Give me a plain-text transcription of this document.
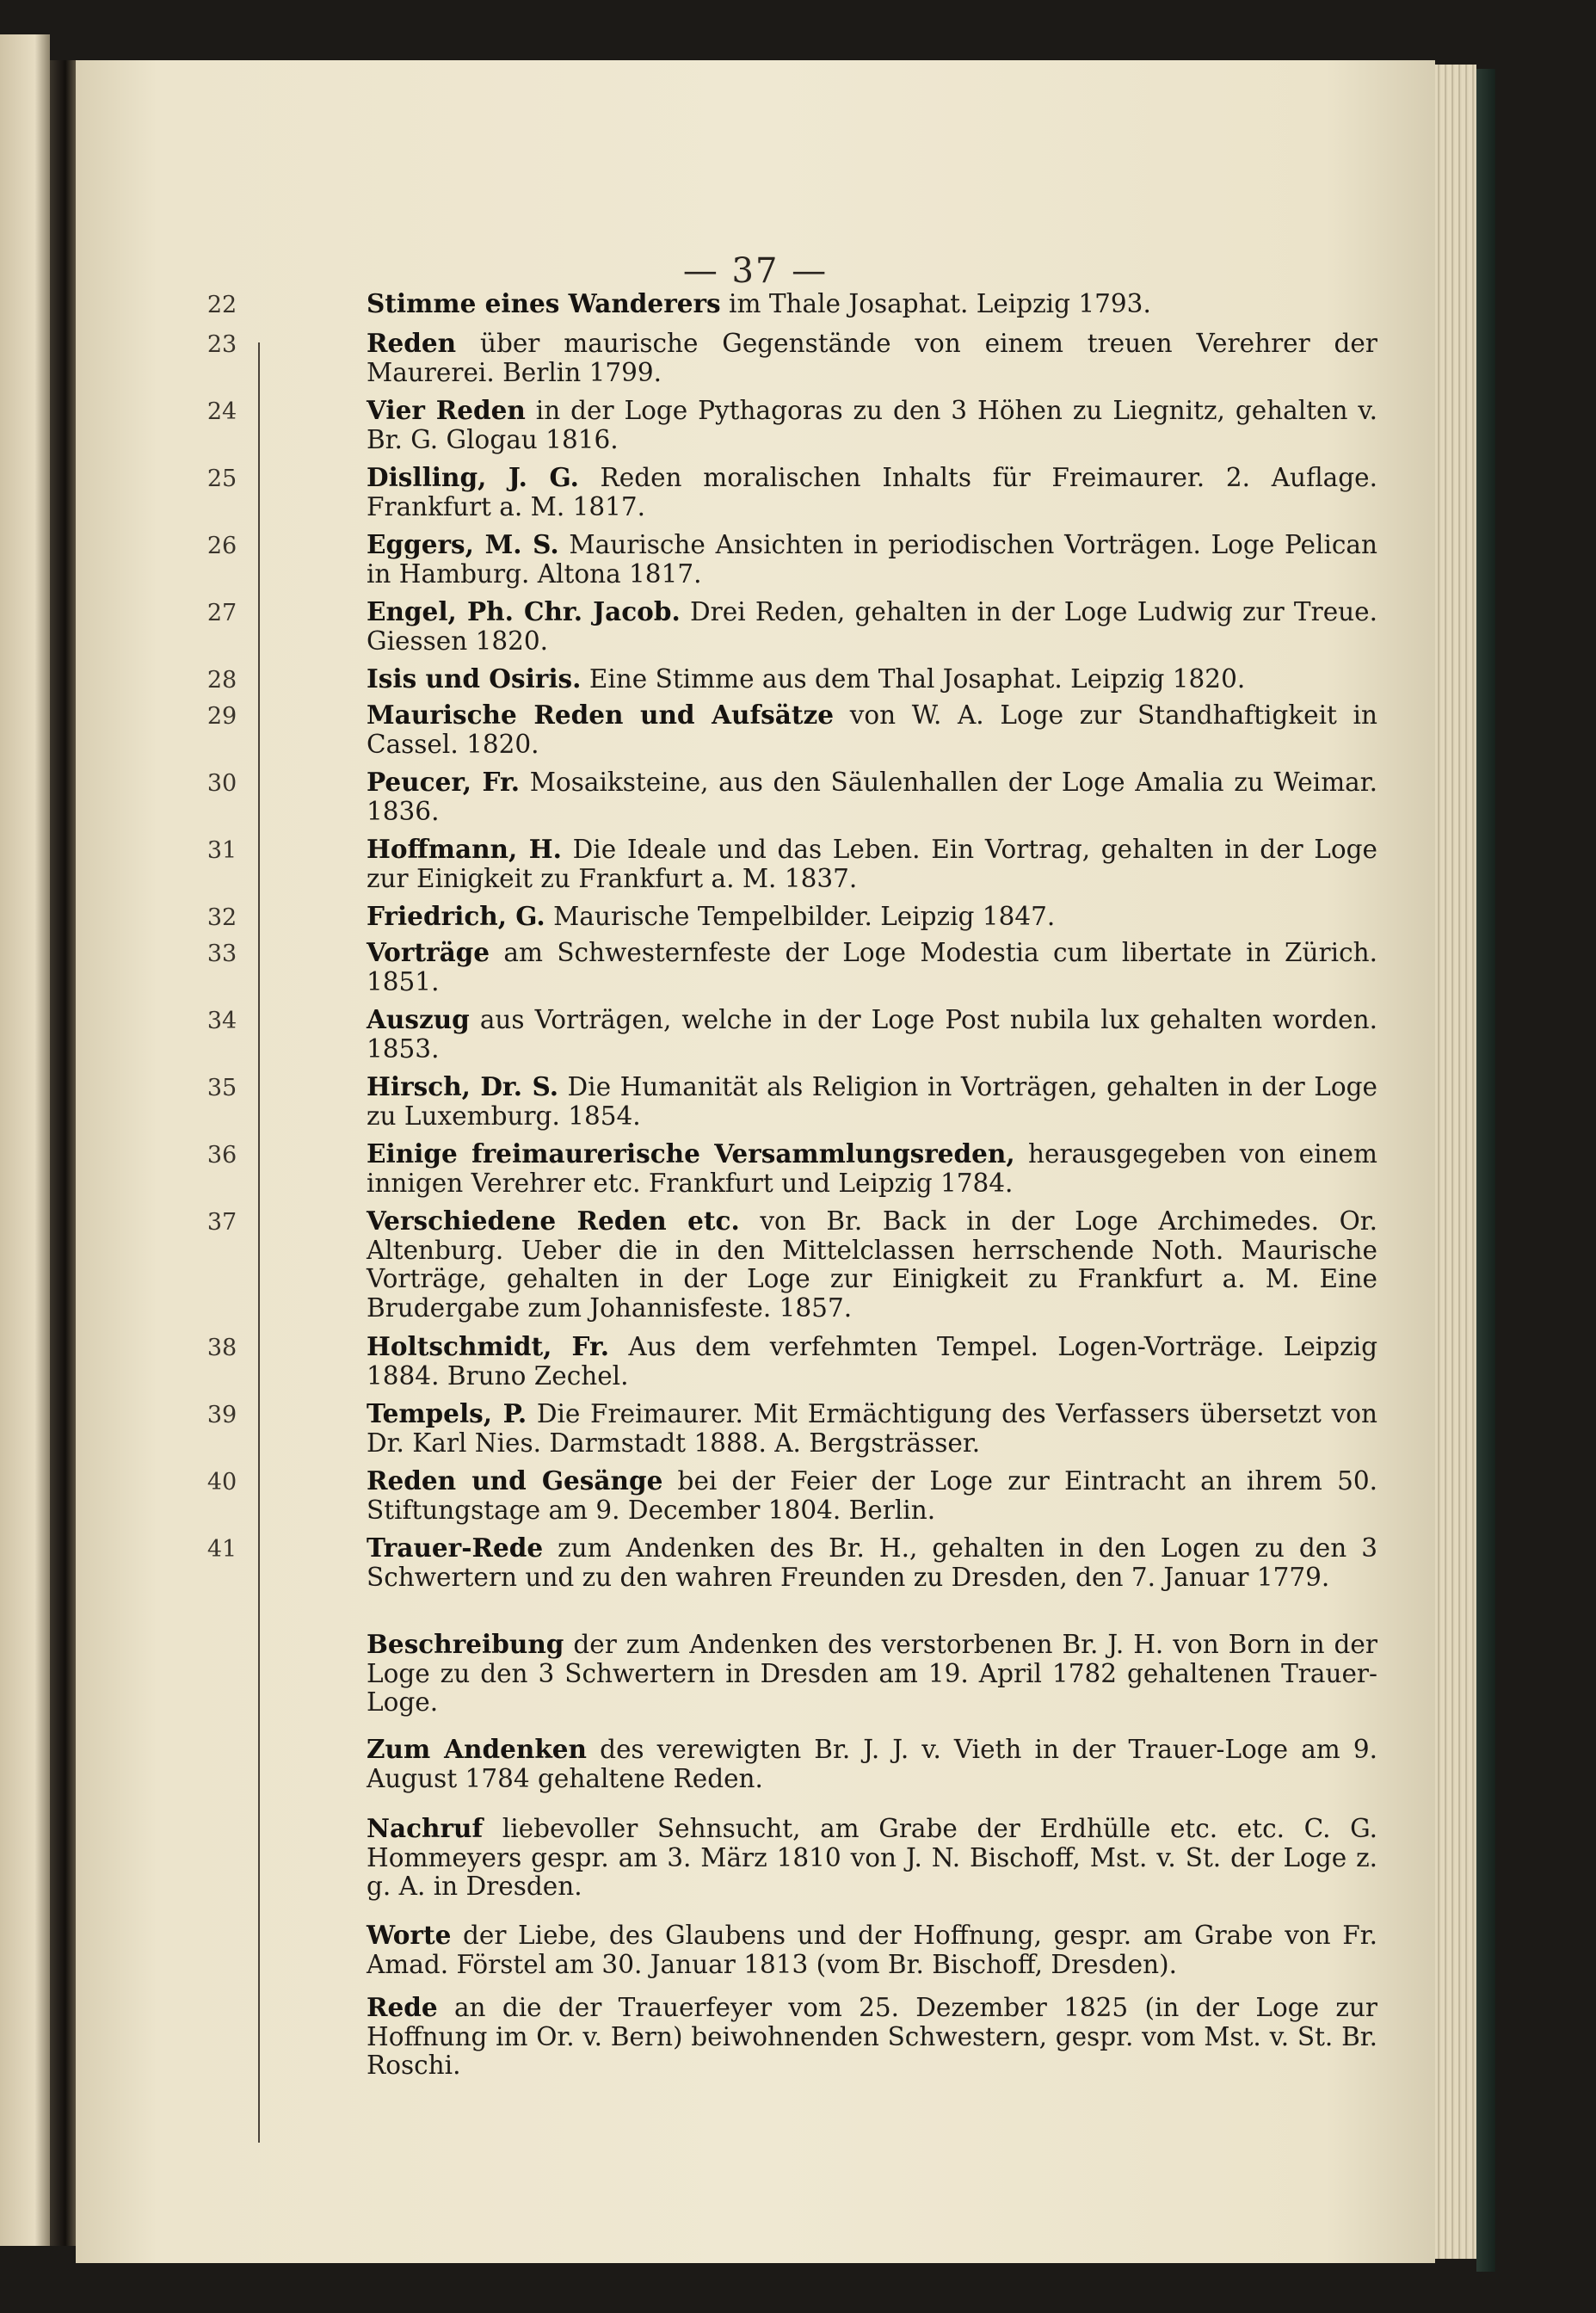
— 37 —
22	Stimme eines Wanderers im Thale Josaphat. Leipzig 1793.
23	Reden über maurische Gegenstände von einem treuen Verehrer der Maurerei. Berlin 1799.
24	Vier Reden in der Loge Pythagoras zu den 3 Höhen zu Liegnitz, gehalten v. Br. G. Glogau 1816.
25	Dislling, J. G. Reden moralischen Inhalts für Freimaurer. 2. Auflage. Frankfurt a. M. 1817.
26	Eggers, M. S. Maurische Ansichten in periodischen Vorträgen. Loge Pelican in Hamburg. Altona 1817.
27	Engel, Ph. Chr. Jacob. Drei Reden, gehalten in der Loge Ludwig zur Treue. Giessen 1820.
28	Isis und Osiris. Eine Stimme aus dem Thal Josaphat. Leipzig 1820.
29	Maurische Reden und Aufsätze von W. A. Loge zur Standhaftigkeit in Cassel. 1820.
30	Peucer, Fr. Mosaiksteine, aus den Säulenhallen der Loge Amalia zu Weimar. 1836.
31	Hoffmann, H. Die Ideale und das Leben. Ein Vortrag, gehalten in der Loge zur Einigkeit zu Frankfurt a. M. 1837.
32	Friedrich, G. Maurische Tempelbilder. Leipzig 1847.
33	Vorträge am Schwesternfeste der Loge Modestia cum libertate in Zürich. 1851.
34	Auszug aus Vorträgen, welche in der Loge Post nubila lux gehalten worden. 1853.
35	Hirsch, Dr. S. Die Humanität als Religion in Vorträgen, gehalten in der Loge zu Luxemburg. 1854.
36	Einige freimaurerische Versammlungsreden, herausgegeben von einem innigen Verehrer etc. Frankfurt und Leipzig 1784.
37	Verschiedene Reden etc. von Br. Back in der Loge Archimedes. Or. Altenburg. Ueber die in den Mittelclassen herrschende Noth. Maurische Vorträge, gehalten in der Loge zur Einigkeit zu Frankfurt a. M. Eine Brudergabe zum Johannisfeste. 1857.
38	Holtschmidt, Fr. Aus dem verfehmten Tempel. Logen-Vorträge. Leipzig 1884. Bruno Zechel.
39	Tempels, P. Die Freimaurer. Mit Ermächtigung des Verfassers übersetzt von Dr. Karl Nies. Darmstadt 1888. A. Bergsträsser.
40	Reden und Gesänge bei der Feier der Loge zur Eintracht an ihrem 50. Stiftungstage am 9. December 1804. Berlin.
41	Trauer-Rede zum Andenken des Br. H., gehalten in den Logen zu den 3 Schwertern und zu den wahren Freunden zu Dresden, den 7. Januar 1779.
Beschreibung der zum Andenken des verstorbenen Br. J. H. von Born in der Loge zu den 3 Schwertern in Dresden am 19. April 1782 gehaltenen Trauer-Loge.
Zum Andenken des verewigten Br. J. J. v. Vieth in der Trauer-Loge am 9. August 1784 gehaltene Reden.
Nachruf liebevoller Sehnsucht, am Grabe der Erdhülle etc. etc. C. G. Hommeyers gespr. am 3. März 1810 von J. N. Bischoff, Mst. v. St. der Loge z. g. A. in Dresden.
Worte der Liebe, des Glaubens und der Hoffnung, gespr. am Grabe von Fr. Amad. Förstel am 30. Januar 1813 (vom Br. Bischoff, Dresden).
Rede an die der Trauerfeyer vom 25. Dezember 1825 (in der Loge zur Hoffnung im Or. v. Bern) beiwohnenden Schwestern, gespr. vom Mst. v. St. Br. Roschi.
